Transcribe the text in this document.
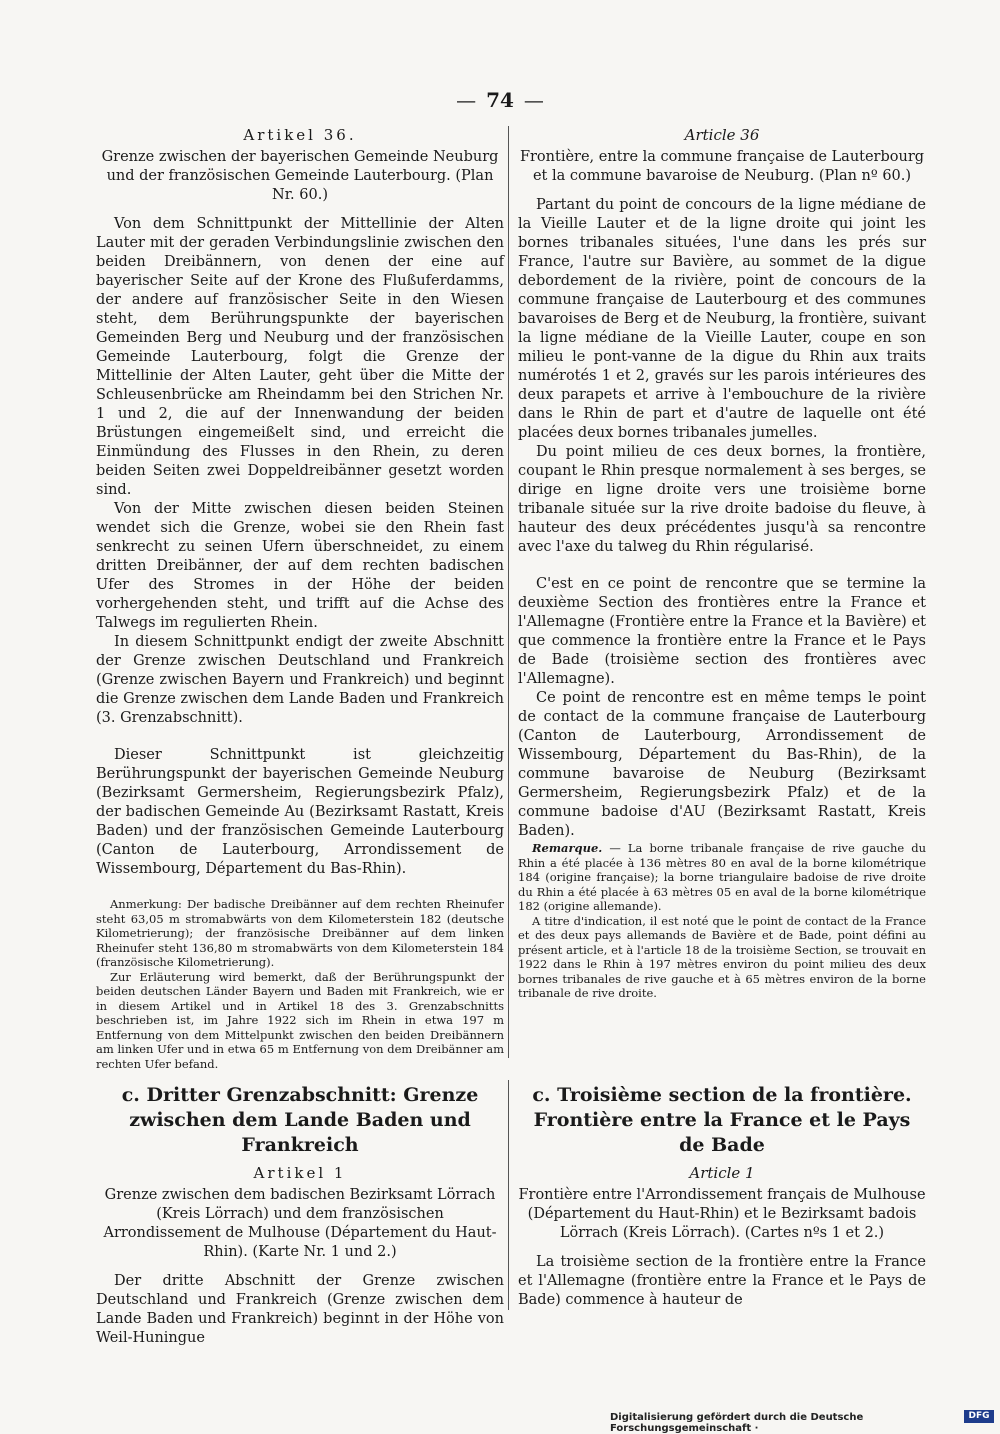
— 74 —
Artikel 36.
Grenze zwischen der bayerischen Gemeinde Neuburg und der französischen Gemeinde Lauterbourg. (Plan Nr. 60.)

Von dem Schnittpunkt der Mittellinie der Alten Lauter mit der geraden Verbindungslinie zwischen den beiden Dreibännern, von denen der eine auf bayerischer Seite auf der Krone des Flußuferdamms, der andere auf französischer Seite in den Wiesen steht, dem Berührungspunkte der bayerischen Gemeinden Berg und Neuburg und der französischen Gemeinde Lauterbourg, folgt die Grenze der Mittellinie der Alten Lauter, geht über die Mitte der Schleusenbrücke am Rheindamm bei den Strichen Nr. 1 und 2, die auf der Innenwandung der beiden Brüstungen eingemeißelt sind, und erreicht die Einmündung des Flusses in den Rhein, zu deren beiden Seiten zwei Doppeldreibänner gesetzt worden sind.

Von der Mitte zwischen diesen beiden Steinen wendet sich die Grenze, wobei sie den Rhein fast senkrecht zu seinen Ufern überschneidet, zu einem dritten Dreibänner, der auf dem rechten badischen Ufer des Stromes in der Höhe der beiden vorhergehenden steht, und trifft auf die Achse des Talwegs im regulierten Rhein.

In diesem Schnittpunkt endigt der zweite Abschnitt der Grenze zwischen Deutschland und Frankreich (Grenze zwischen Bayern und Frankreich) und beginnt die Grenze zwischen dem Lande Baden und Frankreich (3. Grenzabschnitt).

Dieser Schnittpunkt ist gleichzeitig Berührungspunkt der bayerischen Gemeinde Neuburg (Bezirksamt Germersheim, Regierungsbezirk Pfalz), der badischen Gemeinde Au (Bezirksamt Rastatt, Kreis Baden) und der französischen Gemeinde Lauterbourg (Canton de Lauterbourg, Arrondissement de Wissembourg, Département du Bas-Rhin).

Anmerkung: Der badische Dreibänner auf dem rechten Rheinufer steht 63,05 m stromabwärts von dem Kilometerstein 182 (deutsche Kilometrierung); der französische Dreibänner auf dem linken Rheinufer steht 136,80 m stromabwärts von dem Kilometerstein 184 (französische Kilometrierung).

Zur Erläuterung wird bemerkt, daß der Berührungspunkt der beiden deutschen Länder Bayern und Baden mit Frankreich, wie er in diesem Artikel und in Artikel 18 des 3. Grenzabschnitts beschrieben ist, im Jahre 1922 sich im Rhein in etwa 197 m Entfernung von dem Mittelpunkt zwischen den beiden Dreibännern am linken Ufer und in etwa 65 m Entfernung von dem Dreibänner am rechten Ufer befand.

Article 36
Frontière, entre la commune française de Lauterbourg et la commune bavaroise de Neuburg. (Plan nº 60.)

Partant du point de concours de la ligne médiane de la Vieille Lauter et de la ligne droite qui joint les bornes tribanales situées, l'une dans les prés sur France, l'autre sur Bavière, au sommet de la digue debordement de la rivière, point de concours de la commune française de Lauterbourg et des communes bavaroises de Berg et de Neuburg, la frontière, suivant la ligne médiane de la Vieille Lauter, coupe en son milieu le pont-vanne de la digue du Rhin aux traits numérotés 1 et 2, gravés sur les parois intérieures des deux parapets et arrive à l'embouchure de la rivière dans le Rhin de part et d'autre de laquelle ont été placées deux bornes tribanales jumelles.

Du point milieu de ces deux bornes, la frontière, coupant le Rhin presque normalement à ses berges, se dirige en ligne droite vers une troisième borne tribanale située sur la rive droite badoise du fleuve, à hauteur des deux précédentes jusqu'à sa rencontre avec l'axe du talweg du Rhin régularisé.

C'est en ce point de rencontre que se termine la deuxième Section des frontières entre la France et l'Allemagne (Frontière entre la France et la Bavière) et que commence la frontière entre la France et le Pays de Bade (troisième section des frontières avec l'Allemagne).

Ce point de rencontre est en même temps le point de contact de la commune française de Lauterbourg (Canton de Lauterbourg, Arrondissement de Wissembourg, Département du Bas-Rhin), de la commune bavaroise de Neuburg (Bezirksamt Germersheim, Regierungsbezirk Pfalz) et de la commune badoise d'AU (Bezirksamt Rastatt, Kreis Baden).

Remarque. — La borne tribanale française de rive gauche du Rhin a été placée à 136 mètres 80 en aval de la borne kilométrique 184 (origine française); la borne triangulaire badoise de rive droite du Rhin a été placée à 63 mètres 05 en aval de la borne kilométrique 182 (origine allemande).

A titre d'indication, il est noté que le point de contact de la France et des deux pays allemands de Bavière et de Bade, point défini au présent article, et à l'article 18 de la troisième Section, se trouvait en 1922 dans le Rhin à 197 mètres environ du point milieu des deux bornes tribanales de rive gauche et à 65 mètres environ de la borne tribanale de rive droite.

c. Dritter Grenzabschnitt: Grenze zwischen dem Lande Baden und Frankreich
Artikel 1
Grenze zwischen dem badischen Bezirksamt Lörrach (Kreis Lörrach) und dem französischen Arrondissement de Mulhouse (Département du Haut-Rhin). (Karte Nr. 1 und 2.)

Der dritte Abschnitt der Grenze zwischen Deutschland und Frankreich (Grenze zwischen dem Lande Baden und Frankreich) beginnt in der Höhe von Weil-Huningue

c. Troisième section de la frontière. Frontière entre la France et le Pays de Bade
Article 1
Frontière entre l'Arrondissement français de Mulhouse (Département du Haut-Rhin) et le Bezirksamt badois Lörrach (Kreis Lörrach). (Cartes nºs 1 et 2.)

La troisième section de la frontière entre la France et l'Allemagne (frontière entre la France et le Pays de Bade) commence à hauteur de

Digitalisierung gefördert durch die Deutsche Forschungsgemeinschaft ·
DFG
